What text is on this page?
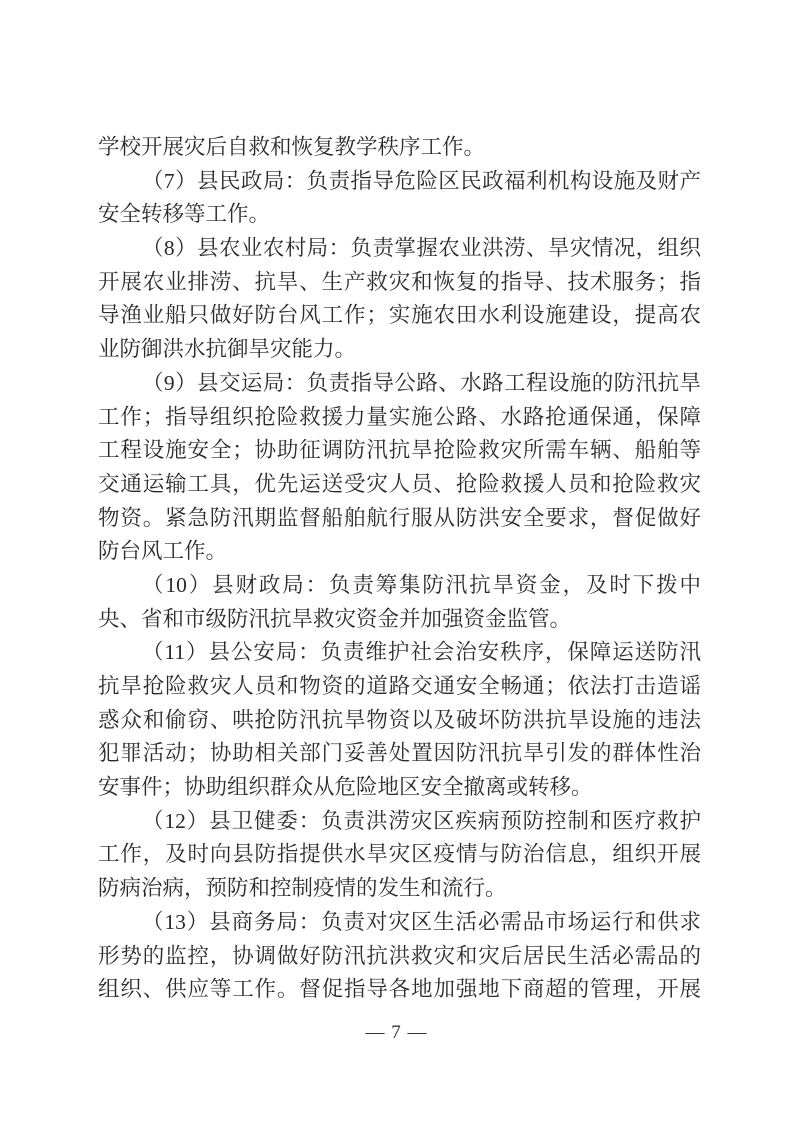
学校开展灾后自救和恢复教学秩序工作。
（7）县民政局：负责指导危险区民政福利机构设施及财产
安全转移等工作。
（8）县农业农村局：负责掌握农业洪涝、旱灾情况，组织
开展农业排涝、抗旱、生产救灾和恢复的指导、技术服务；指
导渔业船只做好防台风工作；实施农田水利设施建设，提高农
业防御洪水抗御旱灾能力。
（9）县交运局：负责指导公路、水路工程设施的防汛抗旱
工作；指导组织抢险救援力量实施公路、水路抢通保通，保障
工程设施安全；协助征调防汛抗旱抢险救灾所需车辆、船舶等
交通运输工具，优先运送受灾人员、抢险救援人员和抢险救灾
物资。紧急防汛期监督船舶航行服从防洪安全要求，督促做好
防台风工作。
（10）县财政局：负责筹集防汛抗旱资金，及时下拨中
央、省和市级防汛抗旱救灾资金并加强资金监管。
（11）县公安局：负责维护社会治安秩序，保障运送防汛
抗旱抢险救灾人员和物资的道路交通安全畅通；依法打击造谣
惑众和偷窃、哄抢防汛抗旱物资以及破坏防洪抗旱设施的违法
犯罪活动；协助相关部门妥善处置因防汛抗旱引发的群体性治
安事件；协助组织群众从危险地区安全撤离或转移。
（12）县卫健委：负责洪涝灾区疾病预防控制和医疗救护
工作，及时向县防指提供水旱灾区疫情与防治信息，组织开展
防病治病，预防和控制疫情的发生和流行。
（13）县商务局：负责对灾区生活必需品市场运行和供求
形势的监控，协调做好防汛抗洪救灾和灾后居民生活必需品的
组织、供应等工作。督促指导各地加强地下商超的管理，开展
— 7 —
